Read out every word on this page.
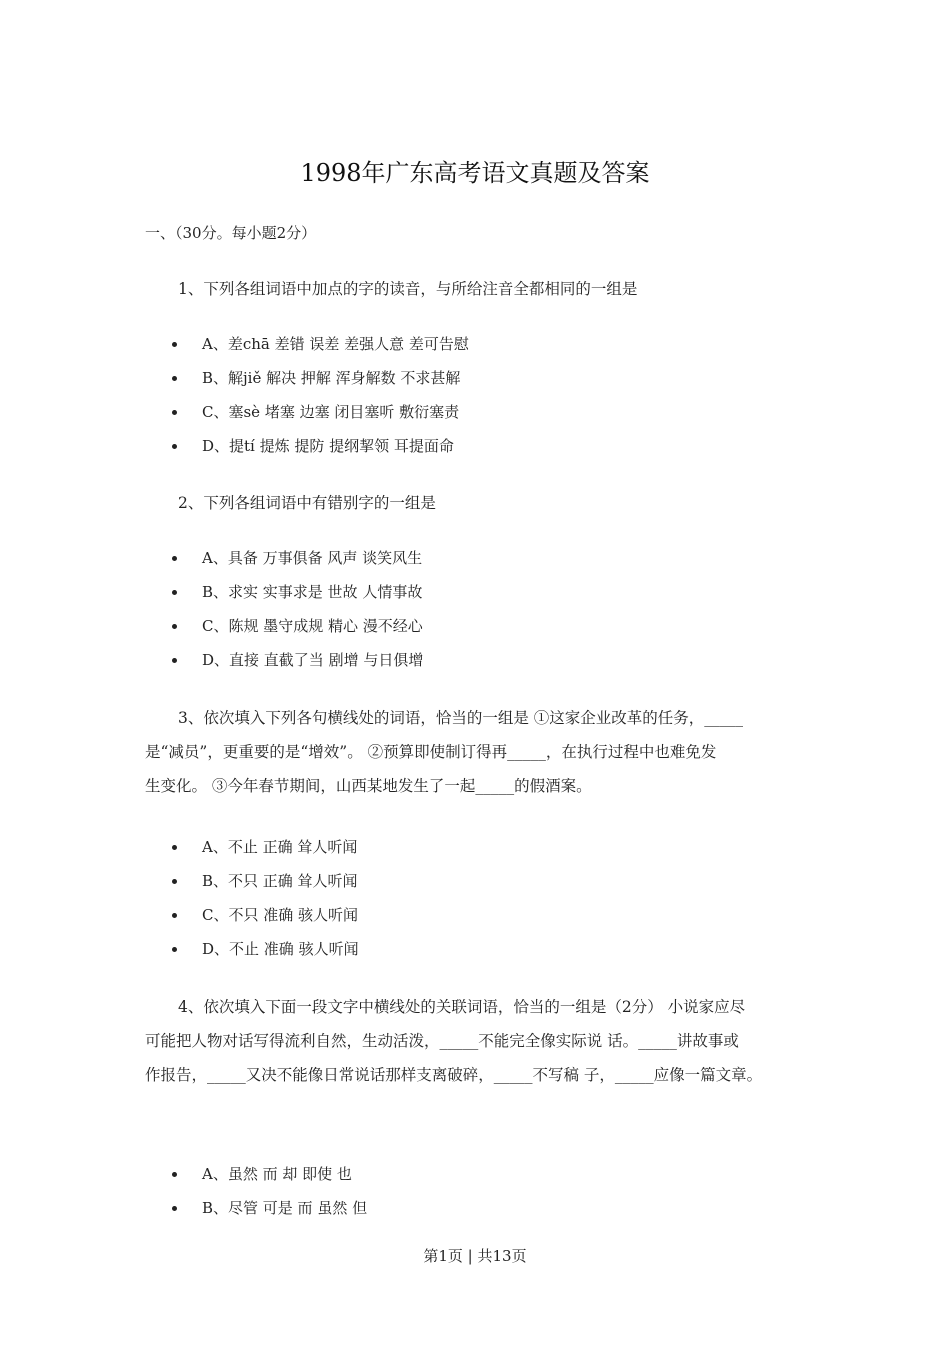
1998年广东高考语文真题及答案
一、（30分。每小题2分）
1、下列各组词语中加点的字的读音，与所给注音全都相同的一组是
A、差chā 差错 误差 差强人意 差可告慰
B、解jiě 解决 押解 浑身解数 不求甚解
C、塞sè 堵塞 边塞 闭目塞听 敷衍塞责
D、提tí 提炼 提防 提纲挈领 耳提面命
2、下列各组词语中有错别字的一组是
A、具备 万事俱备 风声 谈笑风生
B、求实 实事求是 世故 人情事故
C、陈规 墨守成规 精心 漫不经心
D、直接 直截了当 剧增 与日俱增
3、依次填入下列各句横线处的词语，恰当的一组是 ①这家企业改革的任务，_____
是“减员”，更重要的是“增效”。 ②预算即使制订得再_____，在执行过程中也难免发
生变化。 ③今年春节期间，山西某地发生了一起_____的假酒案。
A、不止 正确 耸人听闻
B、不只 正确 耸人听闻
C、不只 准确 骇人听闻
D、不止 准确 骇人听闻
4、依次填入下面一段文字中横线处的关联词语，恰当的一组是（2分） 小说家应尽
可能把人物对话写得流利自然，生动活泼，_____不能完全像实际说 话。_____讲故事或
作报告，_____又决不能像日常说话那样支离破碎，_____不写稿 子，_____应像一篇文章。
A、虽然 而 却 即使 也
B、尽管 可是 而 虽然 但
第1页 | 共13页
